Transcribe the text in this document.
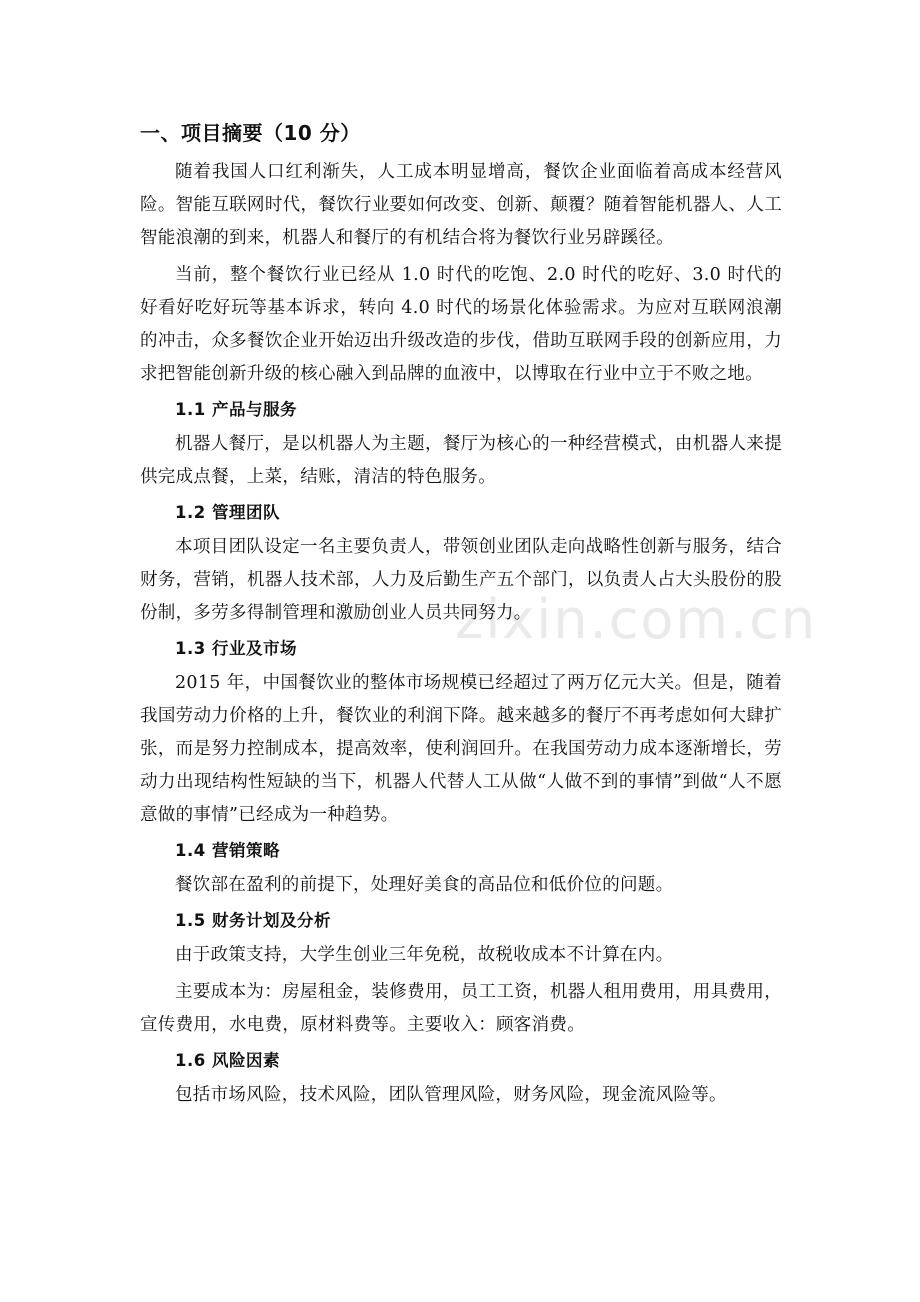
zixin.com.cn
一、项目摘要（10 分）

随着我国人口红利渐失，人工成本明显增高，餐饮企业面临着高成本经营风险。智能互联网时代，餐饮行业要如何改变、创新、颠覆？随着智能机器人、人工智能浪潮的到来，机器人和餐厅的有机结合将为餐饮行业另辟蹊径。

当前，整个餐饮行业已经从 1.0 时代的吃饱、2.0 时代的吃好、3.0 时代的好看好吃好玩等基本诉求，转向 4.0 时代的场景化体验需求。为应对互联网浪潮的冲击，众多餐饮企业开始迈出升级改造的步伐，借助互联网手段的创新应用，力求把智能创新升级的核心融入到品牌的血液中，以博取在行业中立于不败之地。

1.1 产品与服务

机器人餐厅，是以机器人为主题，餐厅为核心的一种经营模式，由机器人来提供完成点餐，上菜，结账，清洁的特色服务。

1.2 管理团队

本项目团队设定一名主要负责人，带领创业团队走向战略性创新与服务，结合财务，营销，机器人技术部，人力及后勤生产五个部门，以负责人占大头股份的股份制，多劳多得制管理和激励创业人员共同努力。

1.3 行业及市场

2015 年，中国餐饮业的整体市场规模已经超过了两万亿元大关。但是，随着我国劳动力价格的上升，餐饮业的利润下降。越来越多的餐厅不再考虑如何大肆扩张，而是努力控制成本，提高效率，使利润回升。在我国劳动力成本逐渐增长，劳动力出现结构性短缺的当下，机器人代替人工从做“人做不到的事情”到做“人不愿意做的事情”已经成为一种趋势。

1.4 营销策略

餐饮部在盈利的前提下，处理好美食的高品位和低价位的问题。

1.5 财务计划及分析

由于政策支持，大学生创业三年免税，故税收成本不计算在内。

主要成本为：房屋租金，装修费用，员工工资，机器人租用费用，用具费用，宣传费用，水电费，原材料费等。主要收入：顾客消费。

1.6 风险因素

包括市场风险，技术风险，团队管理风险，财务风险，现金流风险等。
